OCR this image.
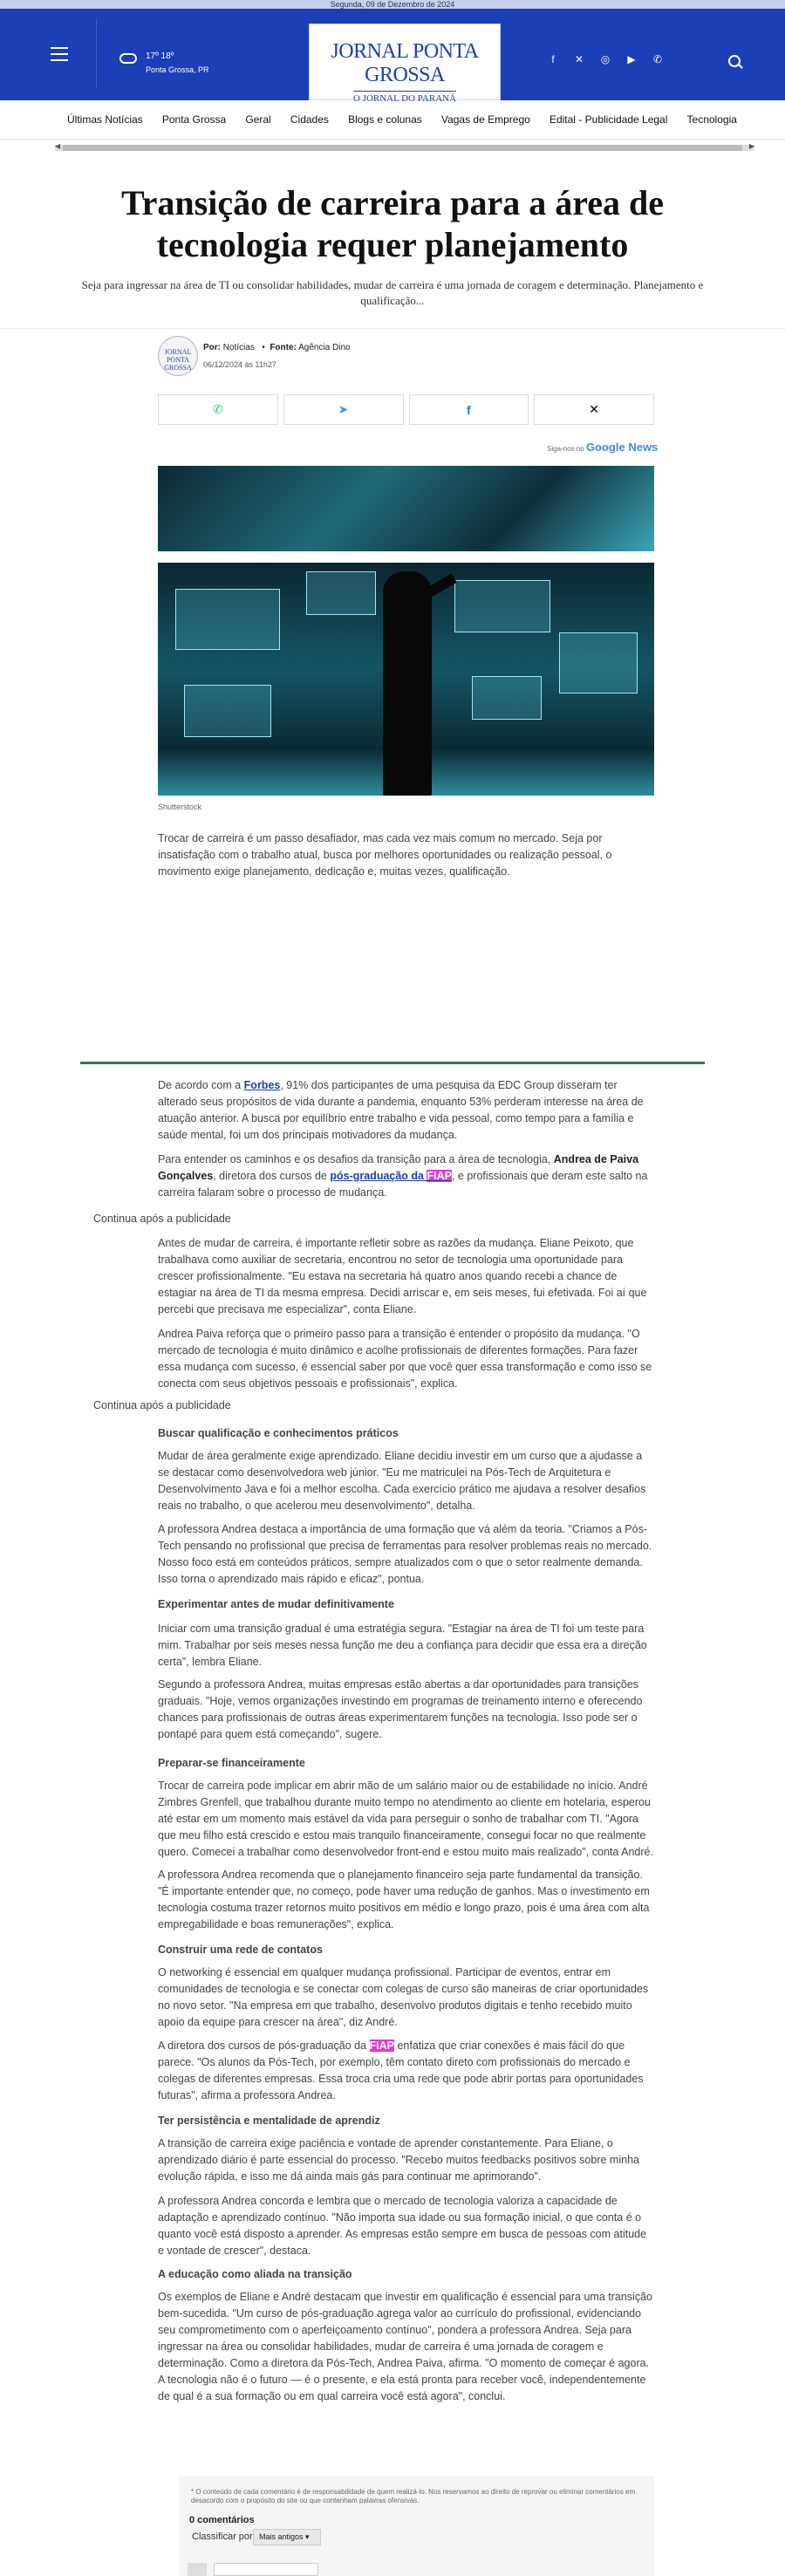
Segunda, 09 de Dezembro de 2024
17º 18º
Ponta Grossa, PR
JORNAL PONTA GROSSA
O JORNAL DO PARANÁ
f	✕ ◎ ▶ ✆
Últimas Notícias Ponta Grossa Geral Cidades Blogs e colunas Vagas de Emprego Edital - Publicidade Legal Tecnologia
◀	▶
Transição de carreira para a área de tecnologia requer planejamento

Seja para ingressar na área de TI ou consolidar habilidades, mudar de carreira é uma jornada de coragem e determinação. Planejamento e qualificação...

JORNAL
PONTA
GROSSA
Por: Notícias   •  Fonte: Agência Dino
06/12/2024 às 11h27
✆	➤	f	✕
Siga-nos no Google News
Shutterstock

Trocar de carreira é um passo desafiador, mas cada vez mais comum no mercado. Seja por insatisfação com o trabalho atual, busca por melhores oportunidades ou realização pessoal, o movimento exige planejamento, dedicação e, muitas vezes, qualificação.

De acordo com a Forbes, 91% dos participantes de uma pesquisa da EDC Group disseram ter alterado seus propósitos de vida durante a pandemia, enquanto 53% perderam interesse na área de atuação anterior. A busca por equilíbrio entre trabalho e vida pessoal, como tempo para a família e saúde mental, foi um dos principais motivadores da mudança.

Para entender os caminhos e os desafios da transição para a área de tecnologia, Andrea de Paiva Gonçalves, diretora dos cursos de pós-graduação da FIAP, e profissionais que deram este salto na carreira falaram sobre o processo de mudança.

Continua após a publicidade

Antes de mudar de carreira, é importante refletir sobre as razões da mudança. Eliane Peixoto, que trabalhava como auxiliar de secretaria, encontrou no setor de tecnologia uma oportunidade para crescer profissionalmente. "Eu estava na secretaria há quatro anos quando recebi a chance de estagiar na área de TI da mesma empresa. Decidi arriscar e, em seis meses, fui efetivada. Foi aí que percebi que precisava me especializar", conta Eliane.

Andrea Paiva reforça que o primeiro passo para a transição é entender o propósito da mudança. "O mercado de tecnologia é muito dinâmico e acolhe profissionais de diferentes formações. Para fazer essa mudança com sucesso, é essencial saber por que você quer essa transformação e como isso se conecta com seus objetivos pessoais e profissionais", explica.

Continua após a publicidade
Buscar qualificação e conhecimentos práticos

Mudar de área geralmente exige aprendizado. Eliane decidiu investir em um curso que a ajudasse a se destacar como desenvolvedora web júnior. "Eu me matriculei na Pós-Tech de Arquitetura e Desenvolvimento Java e foi a melhor escolha. Cada exercício prático me ajudava a resolver desafios reais no trabalho, o que acelerou meu desenvolvimento", detalha.

A professora Andrea destaca a importância de uma formação que vá além da teoria. "Criamos a Pós-Tech pensando no profissional que precisa de ferramentas para resolver problemas reais no mercado. Nosso foco está em conteúdos práticos, sempre atualizados com o que o setor realmente demanda. Isso torna o aprendizado mais rápido e eficaz", pontua.

Experimentar antes de mudar definitivamente

Iniciar com uma transição gradual é uma estratégia segura. "Estagiar na área de TI foi um teste para mim. Trabalhar por seis meses nessa função me deu a confiança para decidir que essa era a direção certa", lembra Eliane.

Segundo a professora Andrea, muitas empresas estão abertas a dar oportunidades para transições graduais. "Hoje, vemos organizações investindo em programas de treinamento interno e oferecendo chances para profissionais de outras áreas experimentarem funções na tecnologia. Isso pode ser o pontapé para quem está começando", sugere.

Preparar-se financeiramente

Trocar de carreira pode implicar em abrir mão de um salário maior ou de estabilidade no início. André Zimbres Grenfell, que trabalhou durante muito tempo no atendimento ao cliente em hotelaria, esperou até estar em um momento mais estável da vida para perseguir o sonho de trabalhar com TI. "Agora que meu filho está crescido e estou mais tranquilo financeiramente, consegui focar no que realmente quero. Comecei a trabalhar como desenvolvedor front-end e estou muito mais realizado", conta André.

A professora Andrea recomenda que o planejamento financeiro seja parte fundamental da transição. "É importante entender que, no começo, pode haver uma redução de ganhos. Mas o investimento em tecnologia costuma trazer retornos muito positivos em médio e longo prazo, pois é uma área com alta empregabilidade e boas remunerações", explica.

Construir uma rede de contatos

O networking é essencial em qualquer mudança profissional. Participar de eventos, entrar em comunidades de tecnologia e se conectar com colegas de curso são maneiras de criar oportunidades no novo setor. "Na empresa em que trabalho, desenvolvo produtos digitais e tenho recebido muito apoio da equipe para crescer na área", diz André.

A diretora dos cursos de pós-graduação da FIAP enfatiza que criar conexões é mais fácil do que parece. "Os alunos da Pós-Tech, por exemplo, têm contato direto com profissionais do mercado e colegas de diferentes empresas. Essa troca cria uma rede que pode abrir portas para oportunidades futuras", afirma a professora Andrea.

Ter persistência e mentalidade de aprendiz

A transição de carreira exige paciência e vontade de aprender constantemente. Para Eliane, o aprendizado diário é parte essencial do processo. "Recebo muitos feedbacks positivos sobre minha evolução rápida, e isso me dá ainda mais gás para continuar me aprimorando".

A professora Andrea concorda e lembra que o mercado de tecnologia valoriza a capacidade de adaptação e aprendizado contínuo. "Não importa sua idade ou sua formação inicial, o que conta é o quanto você está disposto a aprender. As empresas estão sempre em busca de pessoas com atitude e vontade de crescer", destaca.

A educação como aliada na transição

Os exemplos de Eliane e André destacam que investir em qualificação é essencial para uma transição bem-sucedida. "Um curso de pós-graduação agrega valor ao currículo do profissional, evidenciando seu comprometimento com o aperfeiçoamento contínuo", pondera a professora Andrea. Seja para ingressar na área ou consolidar habilidades, mudar de carreira é uma jornada de coragem e determinação. Como a diretora da Pós-Tech, Andrea Paiva, afirma. "O momento de começar é agora. A tecnologia não é o futuro — é o presente, e ela está pronta para receber você, independentemente de qual é a sua formação ou em qual carreira você está agora", conclui.

* O conteúdo de cada comentário é de responsabilidade de quem realizá-lo. Nos reservamos ao direito de reprovar ou eliminar comentários em desacordo com o propósito do site ou que contenham palavras ofensivas.
0 comentários
Classificar por Mais antigos ▾
